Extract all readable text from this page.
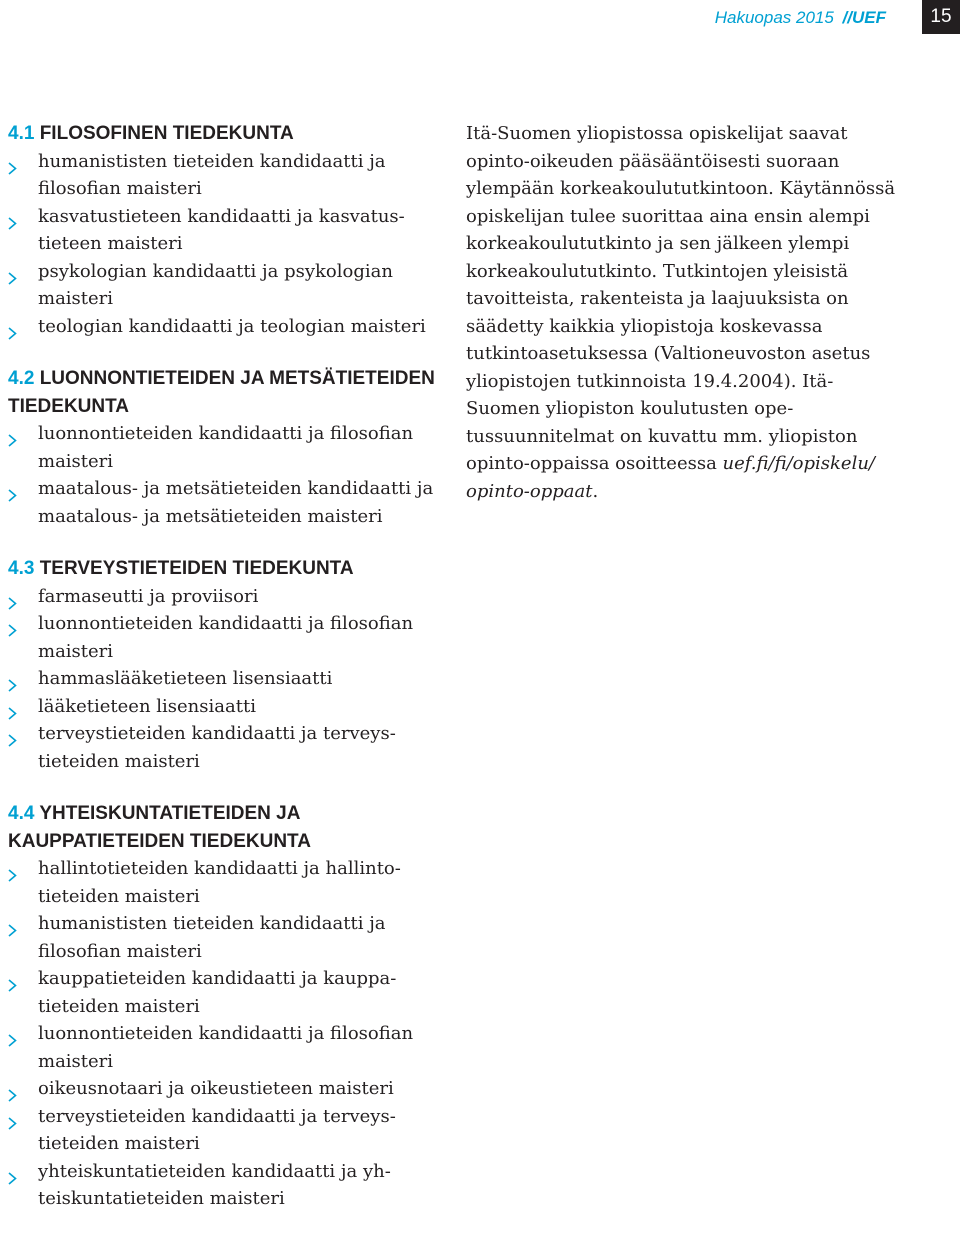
Hakuopas 2015 //UEF	15

4.1 FILOSOFINEN TIEDEKUNTA

humanististen tieteiden kandidaatti ja filosofian maisteri
kasvatustieteen kandidaatti ja kasvatustieteen maisteri
psykologian kandidaatti ja psykologian maisteri
teologian kandidaatti ja teologian maisteri

4.2 LUONNONTIETEIDEN JA METSÄTIETEIDEN TIEDEKUNTA

luonnontieteiden kandidaatti ja filosofian maisteri
maatalous- ja metsätieteiden kandidaatti ja maatalous- ja metsätieteiden maisteri

4.3 TERVEYSTIETEIDEN TIEDEKUNTA

farmaseutti ja proviisori
luonnontieteiden kandidaatti ja filosofian maisteri
hammaslääketieteen lisensiaatti
lääketieteen lisensiaatti
terveystieteiden kandidaatti ja terveystieteiden maisteri

4.4 YHTEISKUNTATIETEIDEN JA KAUPPATIETEIDEN TIEDEKUNTA

hallintotieteiden kandidaatti ja hallintotieteiden maisteri
humanististen tieteiden kandidaatti ja filosofian maisteri
kauppatieteiden kandidaatti ja kauppatieteiden maisteri
luonnontieteiden kandidaatti ja filosofian maisteri
oikeusnotaari ja oikeustieteen maisteri
terveystieteiden kandidaatti ja terveystieteiden maisteri
yhteiskuntatieteiden kandidaatti ja yhteiskuntatieteiden maisteri

Itä-Suomen yliopistossa opiskelijat saavat opinto-oikeuden pääsääntöisesti suoraan ylempään korkeakoulututkintoon. Käytännössä opiskelijan tulee suorittaa aina ensin alempi korkeakoulututkinto ja sen jälkeen ylempi korkeakoulututkinto. Tutkintojen yleisistä tavoitteista, rakenteista ja laajuuksista on säädetty kaikkia yliopistoja koskevassa tutkintoasetuksessa (Valtioneuvoston asetus yliopistojen tutkinnoista 19.4.2004). Itä-Suomen yliopiston koulutusten opetussuunnitelmat on kuvattu mm. yliopiston opinto-oppaissa osoitteessa uef.fi/fi/opiskelu/ opinto-oppaat.
